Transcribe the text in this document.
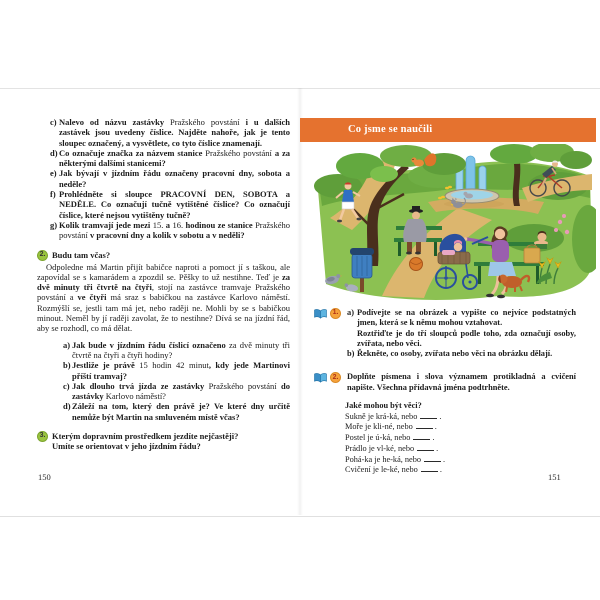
c) Nalevo od názvu zastávky Pražského povstání i u dalších zastávek jsou uvedeny číslice. Najděte nahoře, jak je tento sloupec označený, a vysvětlete, co tyto číslice znamenají.
d) Co označuje značka za názvem stanice Pražského povstání a za některými dalšími stanicemi?
e) Jak bývají v jízdním řádu označeny pracovní dny, sobota a neděle?
f) Prohlédněte si sloupce PRACOVNÍ DEN, SOBOTA a NEDĚLE. Co označují tučně vytištěné číslice? Co označují číslice, které nejsou vytištěny tučně?
g) Kolik tramvají jede mezi 15. a 16. hodinou ze stanice Pražského povstání v pracovní dny a kolik v sobotu a v neděli?
2. Budu tam včas?

Odpoledne má Martin přijít babičce naproti a pomoct jí s taškou, ale zapovídal se s kamarádem a zpozdil se. Pěšky to už nestihne. Teď je za dvě minuty tři čtvrtě na čtyři, stojí na zastávce tramvaje Pražského povstání a ve čtyři má sraz s babičkou na zastávce Karlovo náměstí. Rozmýšlí se, jestli tam má jet, nebo raději ne. Mohli by se s babičkou minout. Neměl by jí raději zavolat, že to nestihne? Dívá se na jízdní řád, aby se rozhodl, co má dělat.

a) Jak bude v jízdním řádu číslicí označeno za dvě minuty tři čtvrtě na čtyři a čtyři hodiny?
b) Jestliže je právě 15 hodin 42 minut, kdy jede Martinovi příští tramvaj?
c) Jak dlouho trvá jízda ze zastávky Pražského povstání do zastávky Karlovo náměstí?
d) Záleží na tom, který den právě je? Ve které dny určitě nemůže být Martin na smluveném místě včas?
3. Kterým dopravním prostředkem jezdíte nejčastěji?
Umíte se orientovat v jeho jízdním řádu?
150
Co jsme se naučili
1.	a) Podívejte se na obrázek a vypište co nejvíce podstatných jmen, která se k němu mohou vztahovat.
Roztřiďte je do tří sloupců podle toho, zda označují osoby, zvířata, nebo věci.
b) Řekněte, co osoby, zvířata nebo věci na obrázku dělají.
2.	Doplňte písmena i slova významem protikladná a cvičení napište. Všechna přídavná jména podtrhněte.
Jaké mohou být věci?
Sukně je krá-ká, nebo	.
Moře je kli-né, nebo	.
Postel je ú-ká, nebo	.
Prádlo je vl-ké, nebo	.
Pohá-ka je he-ká, nebo	.
Cvičení je le-ké, nebo	.
151
